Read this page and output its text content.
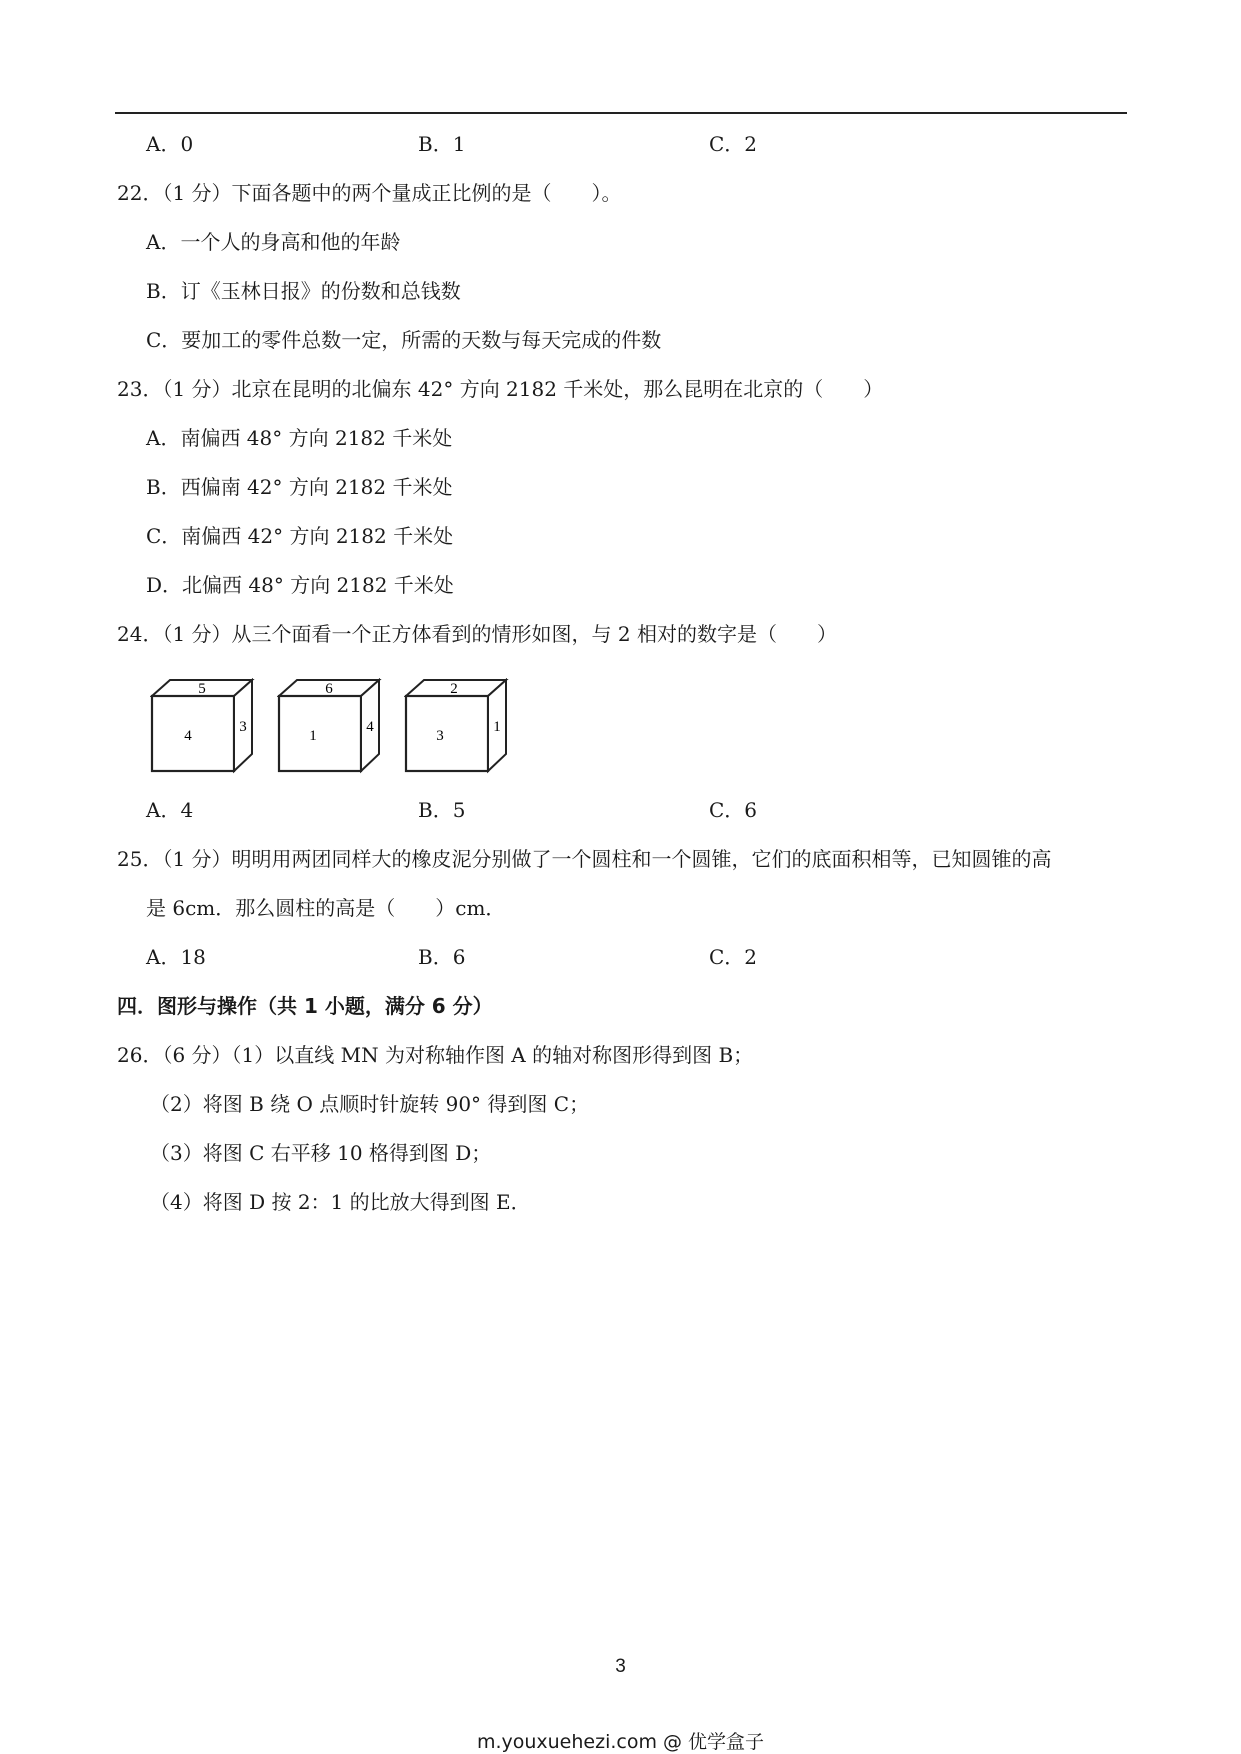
A．0	B．1	C．2
22．（1 分）下面各题中的两个量成正比例的是（　　）。
A．一个人的身高和他的年龄
B．订《玉林日报》的份数和总钱数
C．要加工的零件总数一定，所需的天数与每天完成的件数
23．（1 分）北京在昆明的北偏东 42° 方向 2182 千米处，那么昆明在北京的（　　）
A．南偏西 48° 方向 2182 千米处
B．西偏南 42° 方向 2182 千米处
C．南偏西 42° 方向 2182 千米处
D．北偏西 48° 方向 2182 千米处
24．（1 分）从三个面看一个正方体看到的情形如图，与 2 相对的数字是（　　）
5
4
3
6
1
4
2
3
1
A．4	B．5	C．6
25．（1 分）明明用两团同样大的橡皮泥分别做了一个圆柱和一个圆锥，它们的底面积相等，已知圆锥的高
是 6cm．那么圆柱的高是（　　）cm．
A．18	B．6	C．2
四．图形与操作（共 1 小题，满分 6 分）
26．（6 分）（1）以直线 MN 为对称轴作图 A 的轴对称图形得到图 B；
（2）将图 B 绕 O 点顺时针旋转 90° 得到图 C；
（3）将图 C 右平移 10 格得到图 D；
（4）将图 D 按 2：1 的比放大得到图 E．
3
m.youxuehezi.com @ 优学盒子
